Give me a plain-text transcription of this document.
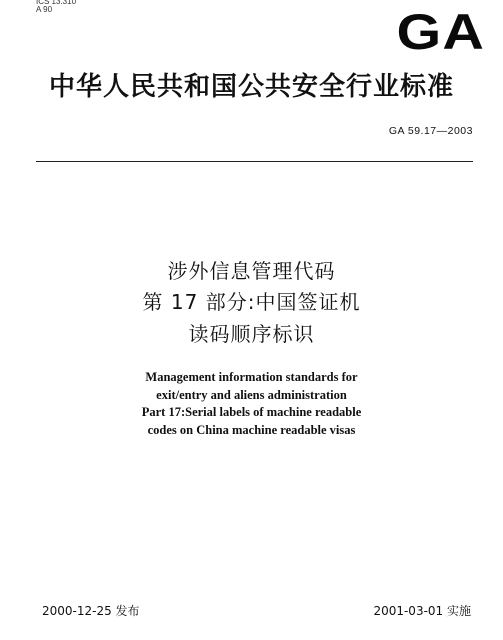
ICS 13.310
A 90	GA
中华人民共和国公共安全行业标准
GA 59.17—2003
涉外信息管理代码
第 17 部分:中国签证机
读码顺序标识
Management information standards for
exit/entry and aliens administration
Part 17:Serial labels of machine readable
codes on China machine readable visas
2000-12-25 发布	2001-03-01 实施
